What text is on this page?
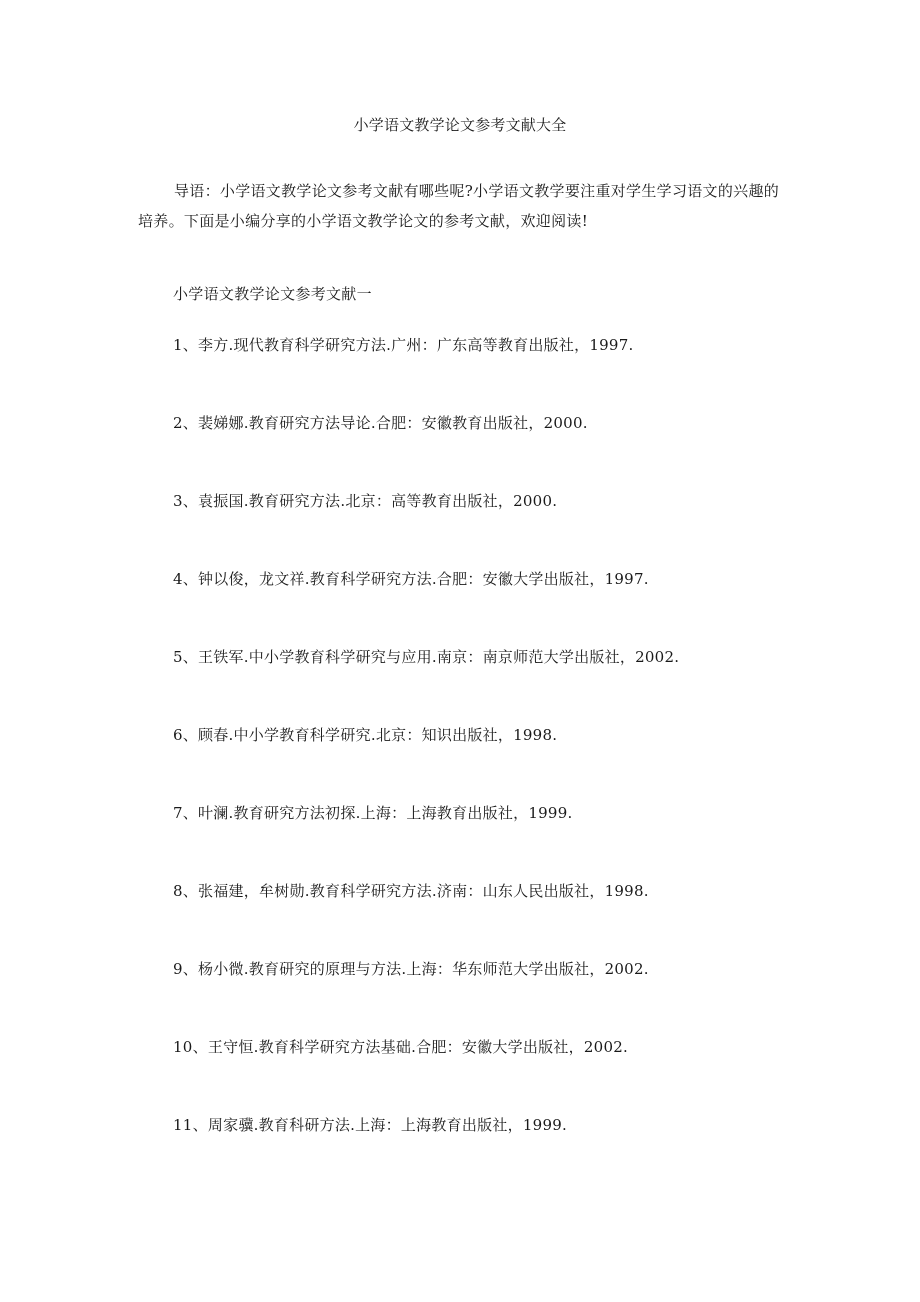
小学语文教学论文参考文献大全
导语：小学语文教学论文参考文献有哪些呢?小学语文教学要注重对学生学习语文的兴趣的培养。下面是小编分享的小学语文教学论文的参考文献，欢迎阅读!
小学语文教学论文参考文献一
1、李方.现代教育科学研究方法.广州：广东高等教育出版社，1997.
2、裴娣娜.教育研究方法导论.合肥：安徽教育出版社，2000.
3、袁振国.教育研究方法.北京：高等教育出版社，2000.
4、钟以俊，龙文祥.教育科学研究方法.合肥：安徽大学出版社，1997.
5、王铁军.中小学教育科学研究与应用.南京：南京师范大学出版社，2002.
6、顾春.中小学教育科学研究.北京：知识出版社，1998.
7、叶澜.教育研究方法初探.上海：上海教育出版社，1999.
8、张福建，牟树勋.教育科学研究方法.济南：山东人民出版社，1998.
9、杨小微.教育研究的原理与方法.上海：华东师范大学出版社，2002.
10、王守恒.教育科学研究方法基础.合肥：安徽大学出版社，2002.
11、周家骥.教育科研方法.上海：上海教育出版社，1999.
